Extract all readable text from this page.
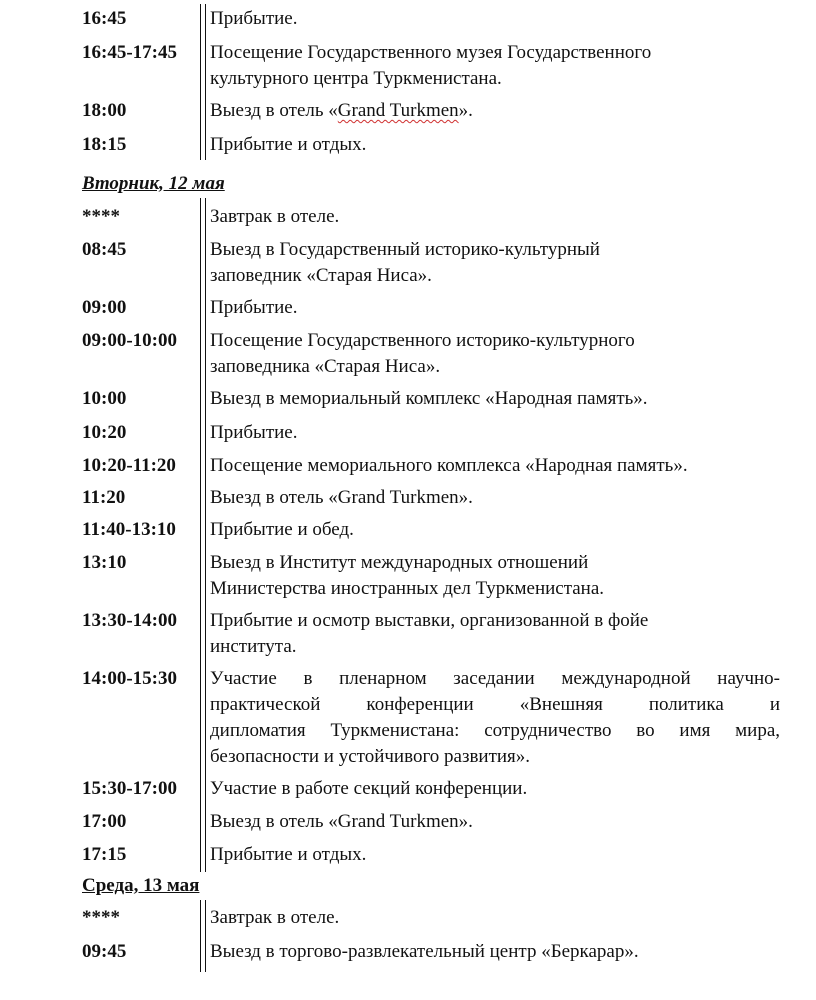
16:45	Прибытие.
16:45-17:45 Посещение Государственного музея Государственного
культурного центра Туркменистана.
18:00	Выезд в отель «Grand Turkmen».
18:15	Прибытие и отдых.
Вторник, 12 мая
****	Завтрак в отеле.
08:45	Выезд в Государственный историко-культурный
заповедник «Старая Ниса».
09:00	Прибытие.
09:00-10:00 Посещение Государственного историко-культурного
заповедника «Старая Ниса».
10:00	Выезд в мемориальный комплекс «Народная память».
10:20	Прибытие.
10:20-11:20 Посещение мемориального комплекса «Народная память».
11:20	Выезд в отель «Grand Turkmen».
11:40-13:10 Прибытие и обед.
13:10	Выезд в Институт международных отношений
Министерства иностранных дел Туркменистана.
13:30-14:00 Прибытие и осмотр выставки, организованной в фойе
института.
14:00-15:30 Участие в пленарном заседании международной научно-
практической конференции «Внешняя политика и
дипломатия Туркменистана: сотрудничество во имя мира,
безопасности и устойчивого развития».
15:30-17:00 Участие в работе секций конференции.
17:00	Выезд в отель «Grand Turkmen».
17:15	Прибытие и отдых.
Среда, 13 мая
****	Завтрак в отеле.
09:45	Выезд в торгово-развлекательный центр «Беркарар».
